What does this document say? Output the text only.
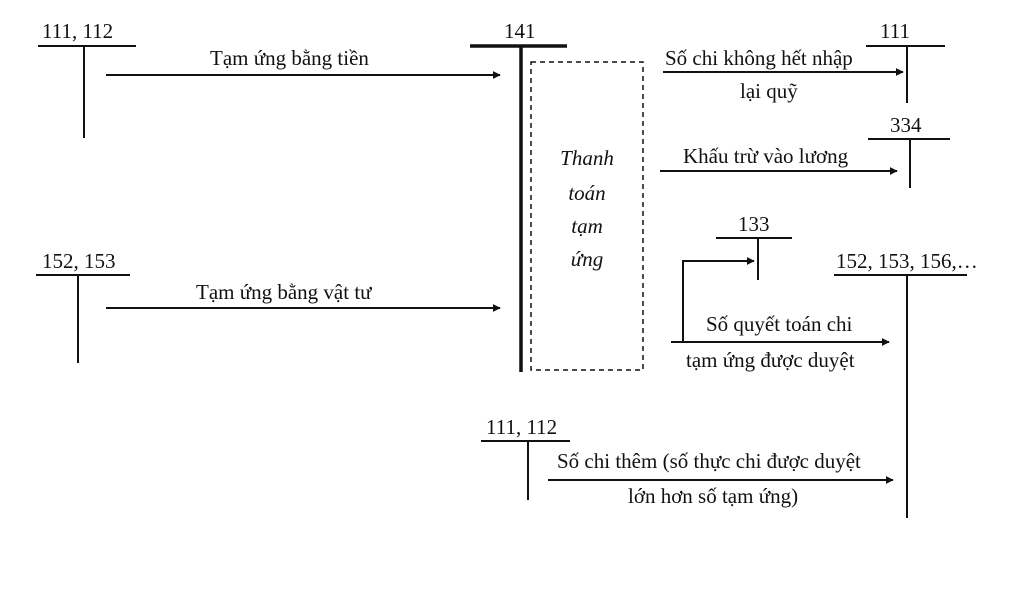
111, 112
Tạm ứng bằng tiền
141
Thanh
toán
tạm
ứng
111
Số chi không hết nhập
lại quỹ
334
Khấu trừ vào lương
133
152, 153
Tạm ứng bằng vật tư
152, 153, 156,…
Số quyết toán chi
tạm ứng được duyệt
111, 112
Số chi thêm (số thực chi được duyệt
lớn hơn số tạm ứng)
